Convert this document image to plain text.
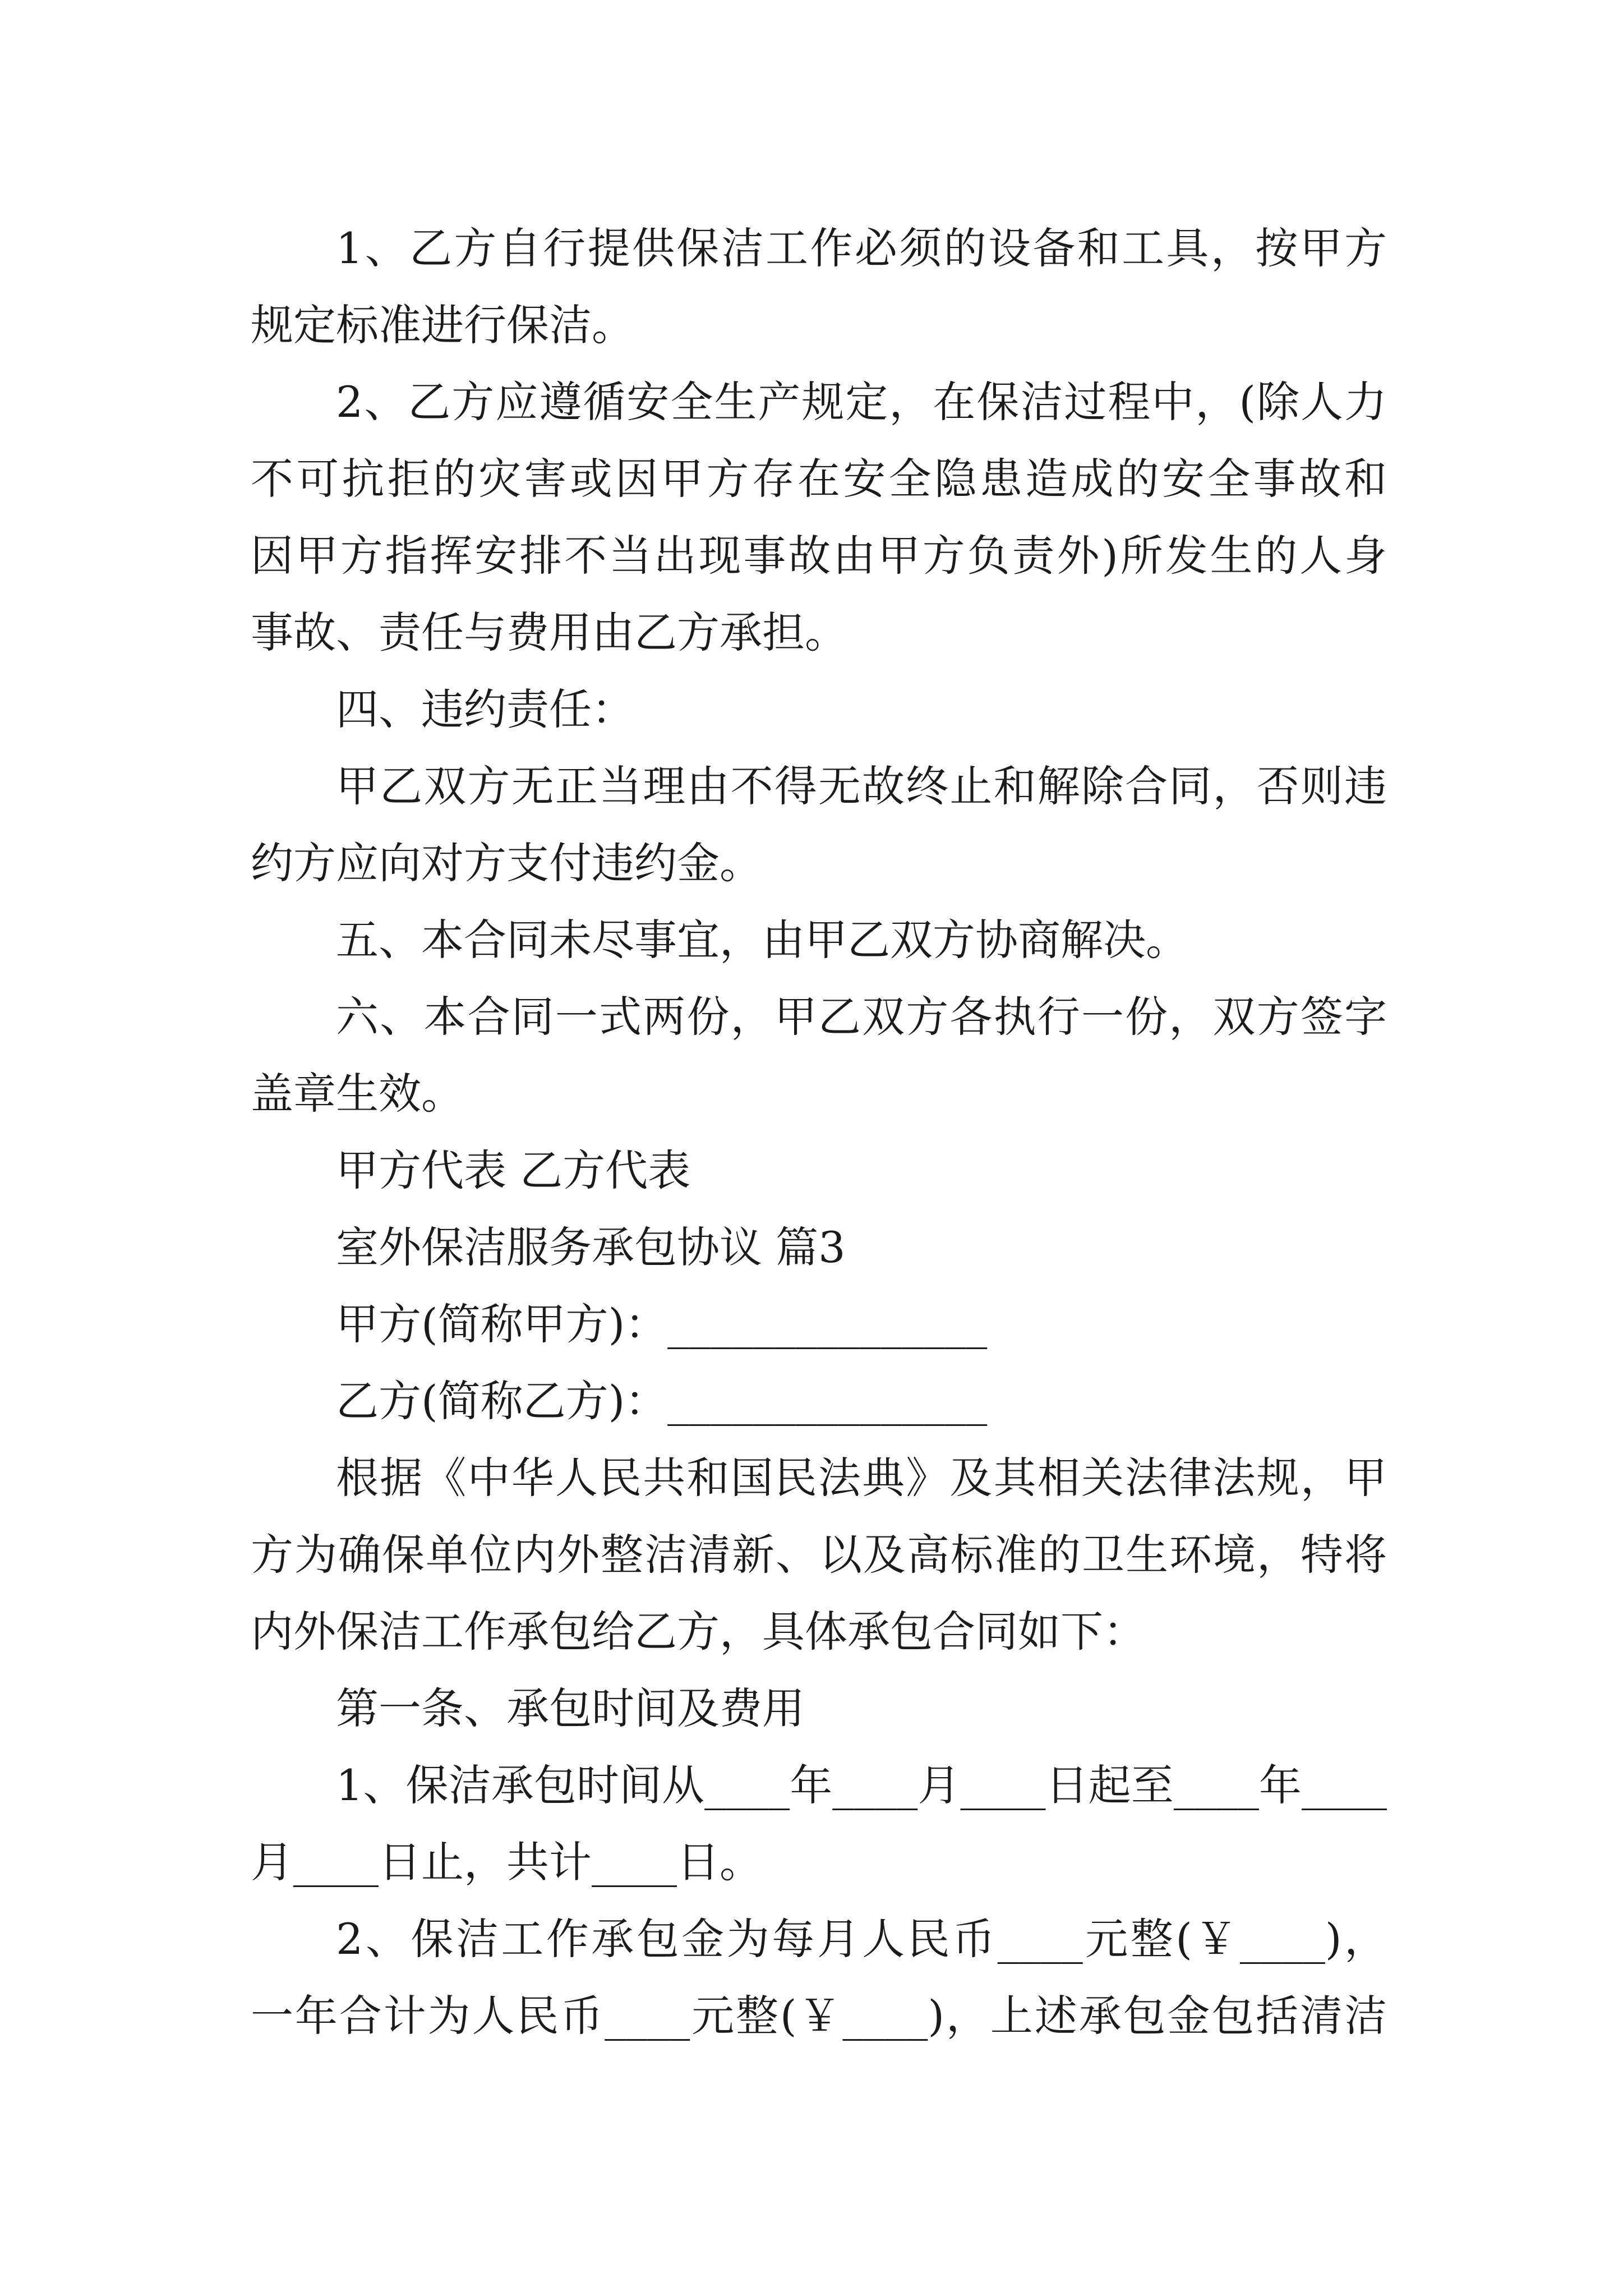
1、乙方自行提供保洁工作必须的设备和工具，按甲方
规定标准进行保洁。
2、乙方应遵循安全生产规定，在保洁过程中，(除人力
不可抗拒的灾害或因甲方存在安全隐患造成的安全事故和
因甲方指挥安排不当出现事故由甲方负责外)所发生的人身
事故、责任与费用由乙方承担。
四、违约责任：
甲乙双方无正当理由不得无故终止和解除合同，否则违
约方应向对方支付违约金。
五、本合同未尽事宜，由甲乙双方协商解决。
六、本合同一式两份，甲乙双方各执行一份，双方签字
盖章生效。
甲方代表 乙方代表
室外保洁服务承包协议 篇3
甲方(简称甲方)：_______________
乙方(简称乙方)：_______________
根据《中华人民共和国民法典》及其相关法律法规，甲
方为确保单位内外整洁清新、以及高标准的卫生环境，特将
内外保洁工作承包给乙方，具体承包合同如下：
第一条、承包时间及费用
1、保洁承包时间从____年____月____日起至____年____
月____日止，共计____日。
2、保洁工作承包金为每月人民币____元整(￥____)，
一年合计为人民币____元整(￥____)，上述承包金包括清洁
